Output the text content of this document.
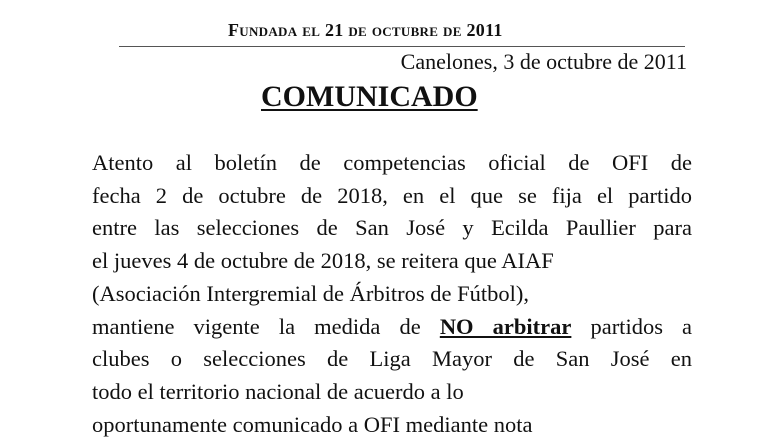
Fundada el 21 de octubre de 2011
Canelones, 3 de octubre de 2011
COMUNICADO
Atento al boletín de competencias oficial de OFI de
fecha 2 de octubre de 2018, en el que se fija el partido
entre las selecciones de San José y Ecilda Paullier para
el jueves 4 de octubre de 2018, se reitera que AIAF
(Asociación Intergremial de Árbitros de Fútbol),
mantiene vigente la medida de NO arbitrar partidos a
clubes o selecciones de Liga Mayor de San José en
todo el territorio nacional de acuerdo a lo
oportunamente comunicado a OFI mediante nota
